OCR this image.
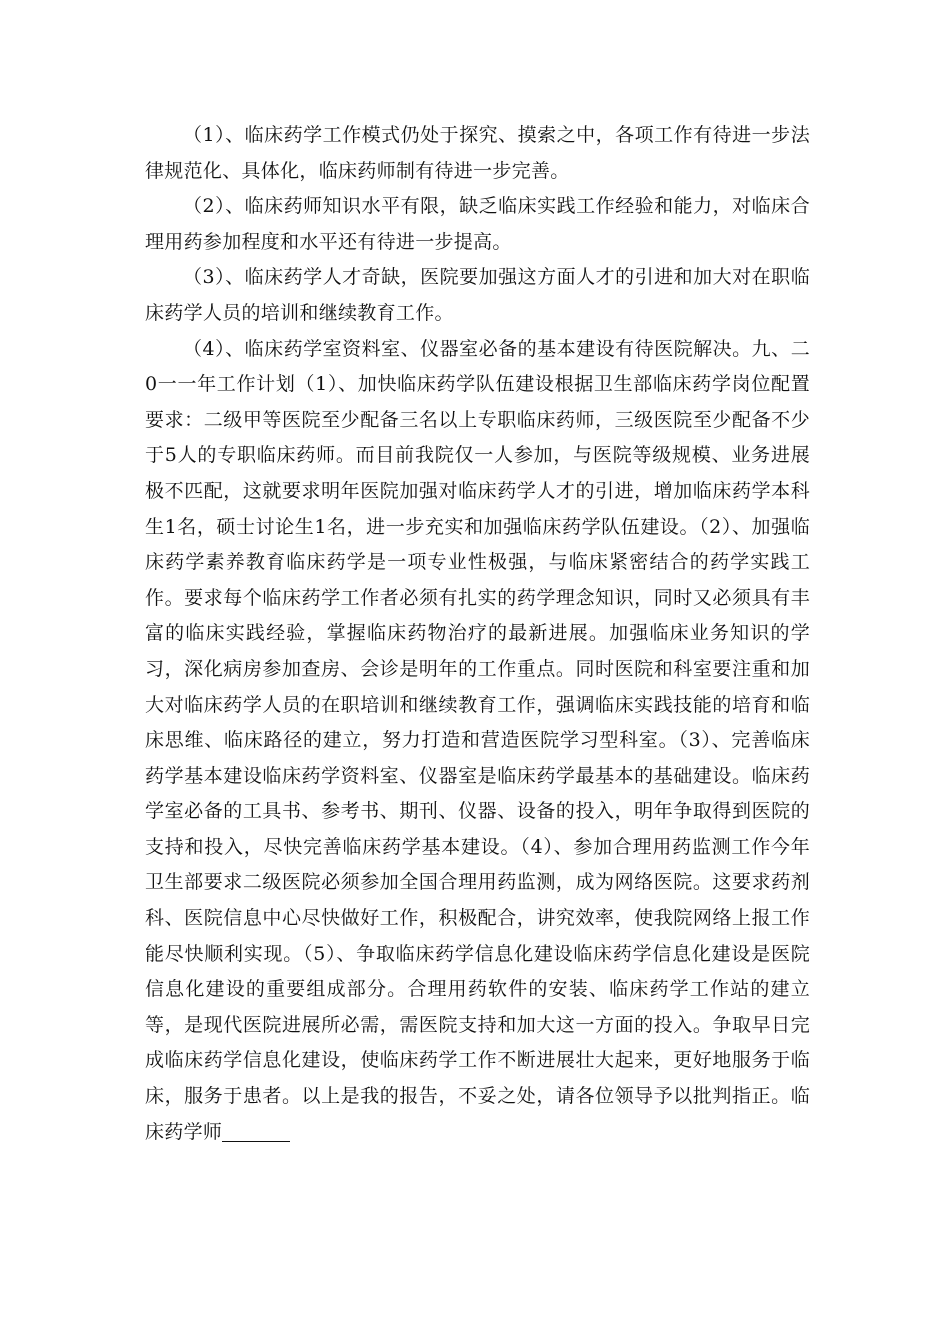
（1）、临床药学工作模式仍处于探究、摸索之中，各项工作有待进一步法律规范化、具体化，临床药师制有待进一步完善。

（2）、临床药师知识水平有限，缺乏临床实践工作经验和能力，对临床合理用药参加程度和水平还有待进一步提高。

（3）、临床药学人才奇缺，医院要加强这方面人才的引进和加大对在职临床药学人员的培训和继续教育工作。

（4）、临床药学室资料室、仪器室必备的基本建设有待医院解决。九、二0一一年工作计划（1）、加快临床药学队伍建设根据卫生部临床药学岗位配置要求：二级甲等医院至少配备三名以上专职临床药师，三级医院至少配备不少于5人的专职临床药师。而目前我院仅一人参加，与医院等级规模、业务进展极不匹配，这就要求明年医院加强对临床药学人才的引进，增加临床药学本科生1名，硕士讨论生1名，进一步充实和加强临床药学队伍建设。（2）、加强临床药学素养教育临床药学是一项专业性极强，与临床紧密结合的药学实践工作。要求每个临床药学工作者必须有扎实的药学理念知识，同时又必须具有丰富的临床实践经验，掌握临床药物治疗的最新进展。加强临床业务知识的学习，深化病房参加查房、会诊是明年的工作重点。同时医院和科室要注重和加大对临床药学人员的在职培训和继续教育工作，强调临床实践技能的培育和临床思维、临床路径的建立，努力打造和营造医院学习型科室。（3）、完善临床药学基本建设临床药学资料室、仪器室是临床药学最基本的基础建设。临床药学室必备的工具书、参考书、期刊、仪器、设备的投入，明年争取得到医院的支持和投入，尽快完善临床药学基本建设。（4）、参加合理用药监测工作今年卫生部要求二级医院必须参加全国合理用药监测，成为网络医院。这要求药剂科、医院信息中心尽快做好工作，积极配合，讲究效率，使我院网络上报工作能尽快顺利实现。（5）、争取临床药学信息化建设临床药学信息化建设是医院信息化建设的重要组成部分。合理用药软件的安装、临床药学工作站的建立等，是现代医院进展所必需，需医院支持和加大这一方面的投入。争取早日完成临床药学信息化建设，使临床药学工作不断进展壮大起来，更好地服务于临床，服务于患者。以上是我的报告，不妥之处，请各位领导予以批判指正。临床药学师
